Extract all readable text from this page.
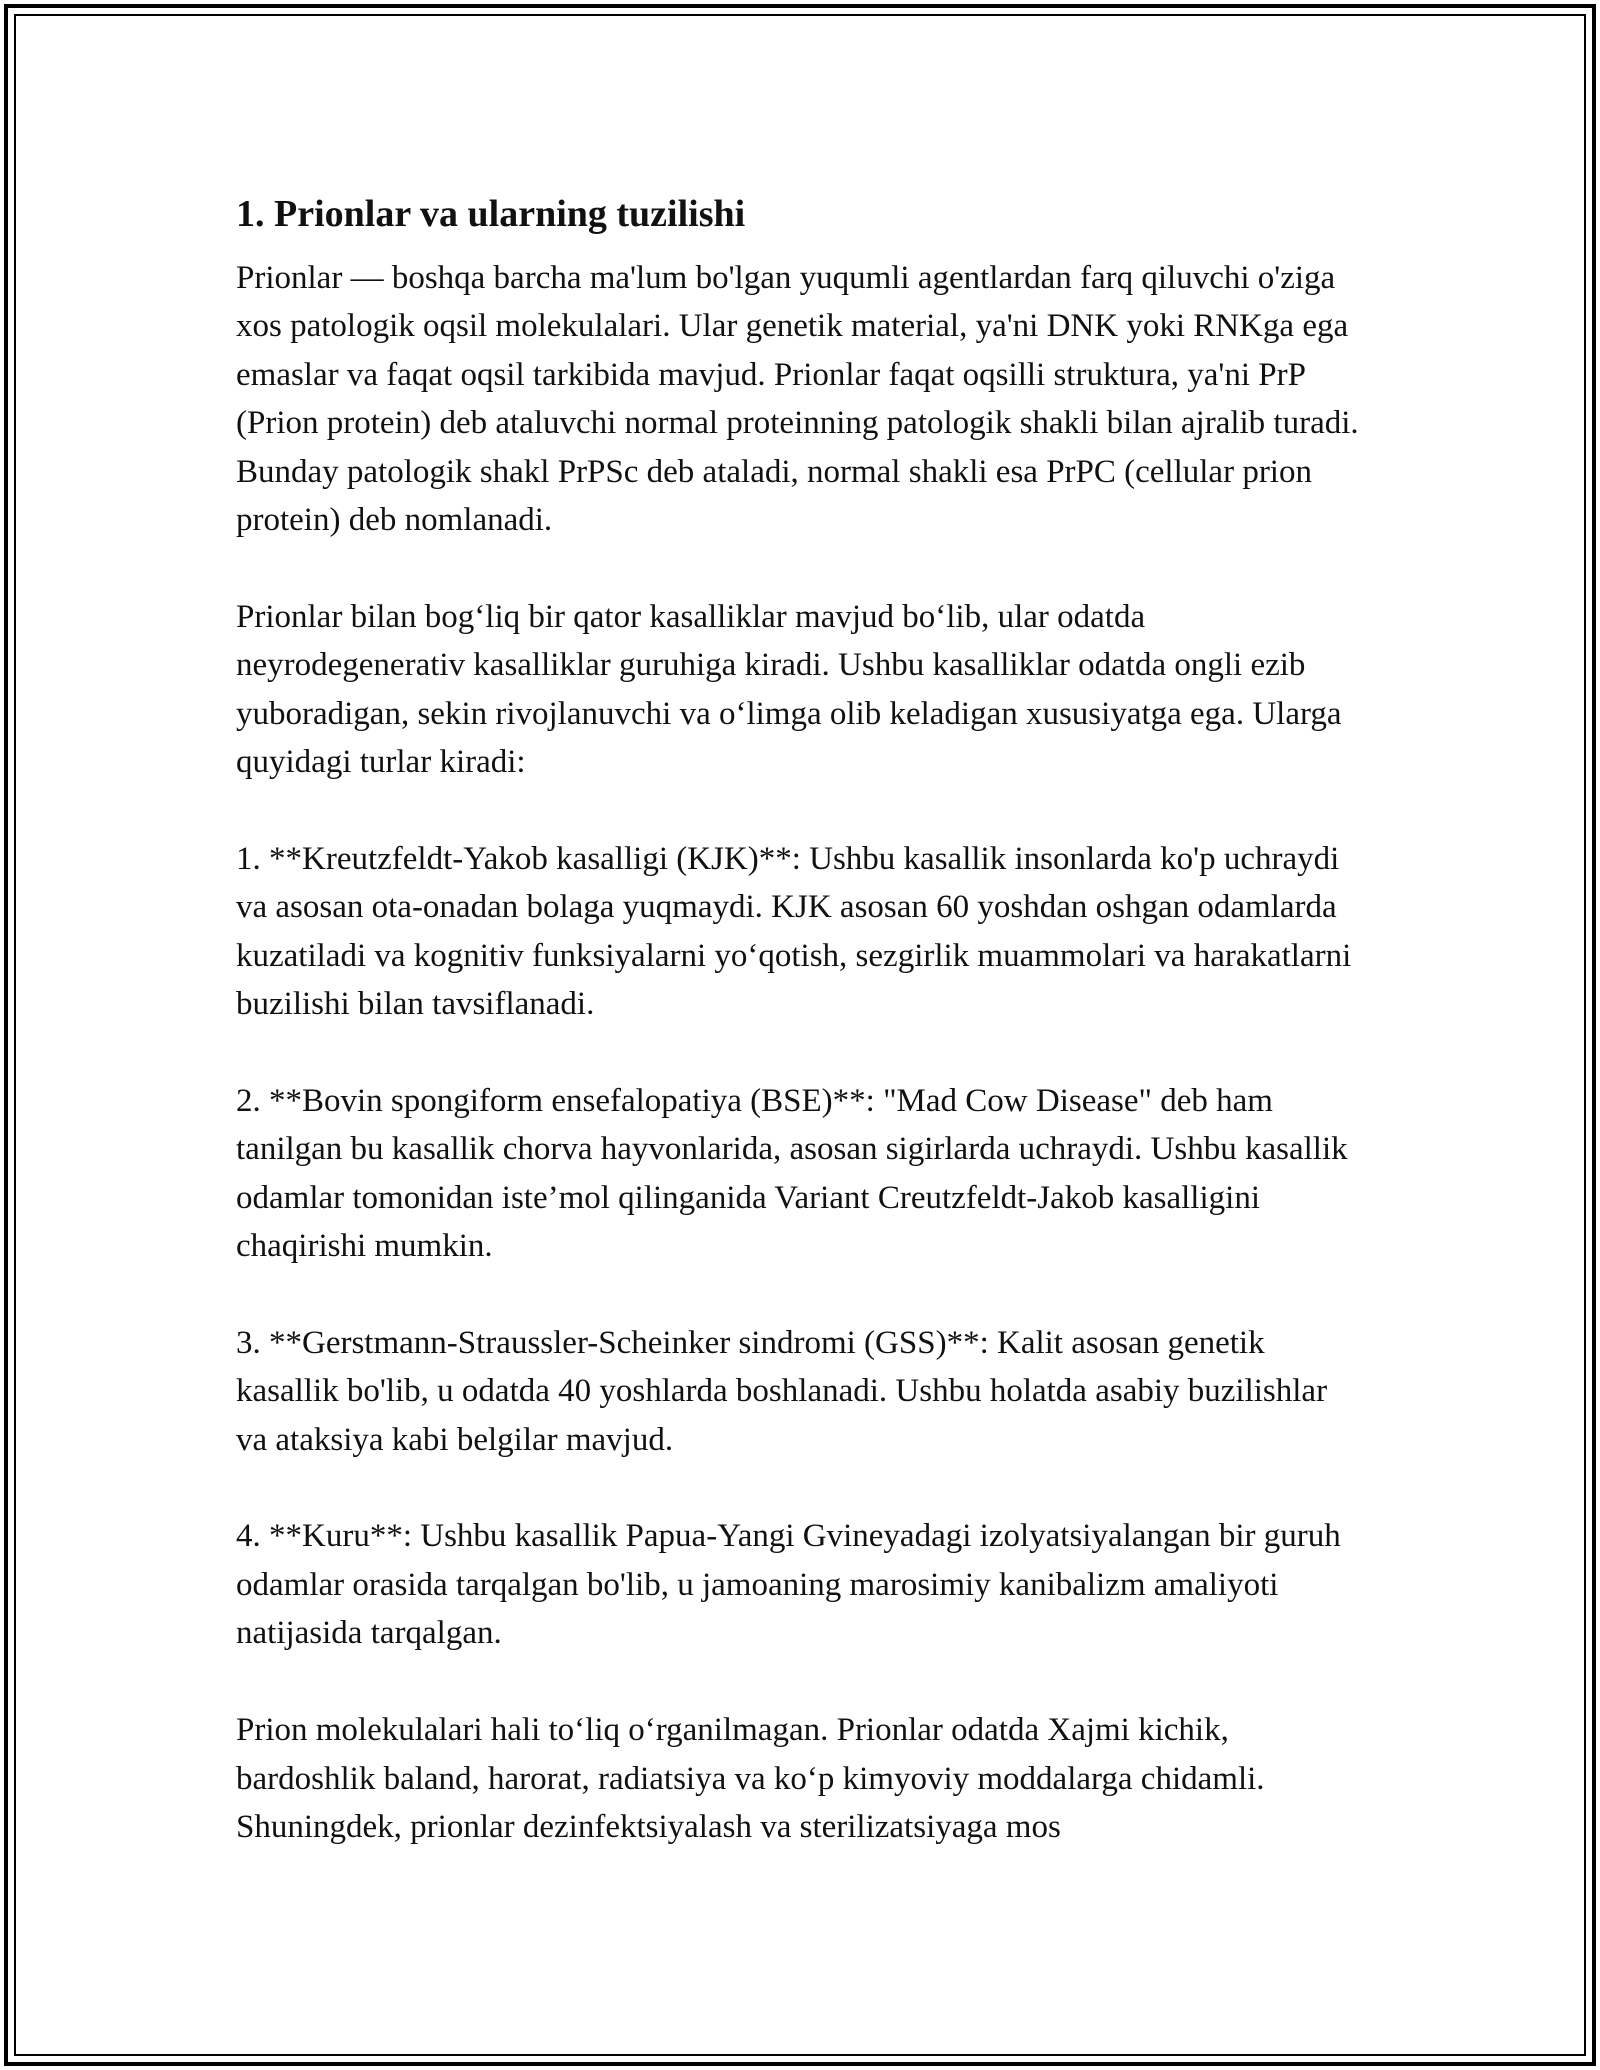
1. Prionlar va ularning tuzilishi

Prionlar — boshqa barcha ma'lum bo'lgan yuqumli agentlardan farq qiluvchi o'ziga xos patologik oqsil molekulalari. Ular genetik material, ya'ni DNK yoki RNKga ega emaslar va faqat oqsil tarkibida mavjud. Prionlar faqat oqsilli struktura, ya'ni PrP (Prion protein) deb ataluvchi normal proteinning patologik shakli bilan ajralib turadi. Bunday patologik shakl PrPSc deb ataladi, normal shakli esa PrPC (cellular prion protein) deb nomlanadi.

Prionlar bilan bog‘liq bir qator kasalliklar mavjud bo‘lib, ular odatda neyrodegenerativ kasalliklar guruhiga kiradi. Ushbu kasalliklar odatda ongli ezib yuboradigan, sekin rivojlanuvchi va o‘limga olib keladigan xususiyatga ega. Ularga quyidagi turlar kiradi:

1. **Kreutzfeldt-Yakob kasalligi (KJK)**: Ushbu kasallik insonlarda ko'p uchraydi va asosan ota-onadan bolaga yuqmaydi. KJK asosan 60 yoshdan oshgan odamlarda kuzatiladi va kognitiv funksiyalarni yo‘qotish, sezgirlik muammolari va harakatlarni buzilishi bilan tavsiflanadi.

2. **Bovin spongiform ensefalopatiya (BSE)**: "Mad Cow Disease" deb ham tanilgan bu kasallik chorva hayvonlarida, asosan sigirlarda uchraydi. Ushbu kasallik odamlar tomonidan iste’mol qilinganida Variant Creutzfeldt-Jakob kasalligini chaqirishi mumkin.

3. **Gerstmann-Straussler-Scheinker sindromi (GSS)**: Kalit asosan genetik kasallik bo'lib, u odatda 40 yoshlarda boshlanadi. Ushbu holatda asabiy buzilishlar va ataksiya kabi belgilar mavjud.

4. **Kuru**: Ushbu kasallik Papua-Yangi Gvineyadagi izolyatsiyalangan bir guruh odamlar orasida tarqalgan bo'lib, u jamoaning marosimiy kanibalizm amaliyoti natijasida tarqalgan.

Prion molekulalari hali to‘liq o‘rganilmagan. Prionlar odatda Xajmi kichik, bardoshlik baland, harorat, radiatsiya va ko‘p kimyoviy moddalarga chidamli. Shuningdek, prionlar dezinfektsiyalash va sterilizatsiyaga mos
